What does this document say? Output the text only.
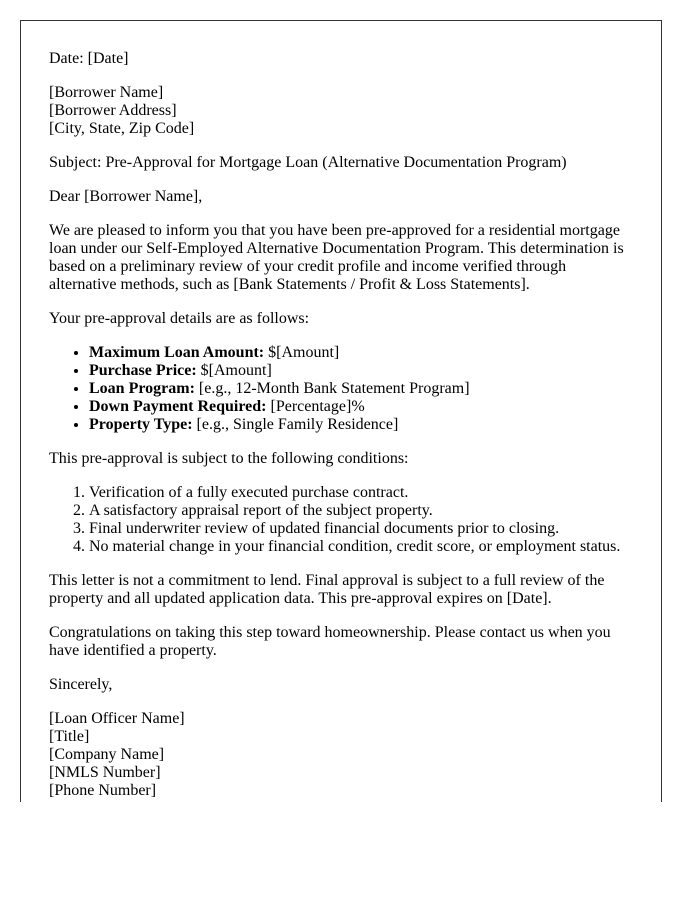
Date: [Date]

[Borrower Name]
[Borrower Address]
[City, State, Zip Code]

Subject: Pre-Approval for Mortgage Loan (Alternative Documentation Program)

Dear [Borrower Name],

We are pleased to inform you that you have been pre-approved for a residential mortgage loan under our Self-Employed Alternative Documentation Program. This determination is based on a preliminary review of your credit profile and income verified through alternative methods, such as [Bank Statements / Profit & Loss Statements].

Your pre-approval details are as follows:

• Maximum Loan Amount: $[Amount]
• Purchase Price: $[Amount]
• Loan Program: [e.g., 12-Month Bank Statement Program]
• Down Payment Required: [Percentage]%
• Property Type: [e.g., Single Family Residence]

This pre-approval is subject to the following conditions:

1. Verification of a fully executed purchase contract.
2. A satisfactory appraisal report of the subject property.
3. Final underwriter review of updated financial documents prior to closing.
4. No material change in your financial condition, credit score, or employment status.

This letter is not a commitment to lend. Final approval is subject to a full review of the property and all updated application data. This pre-approval expires on [Date].

Congratulations on taking this step toward homeownership. Please contact us when you have identified a property.

Sincerely,

[Loan Officer Name]
[Title]
[Company Name]
[NMLS Number]
[Phone Number]
